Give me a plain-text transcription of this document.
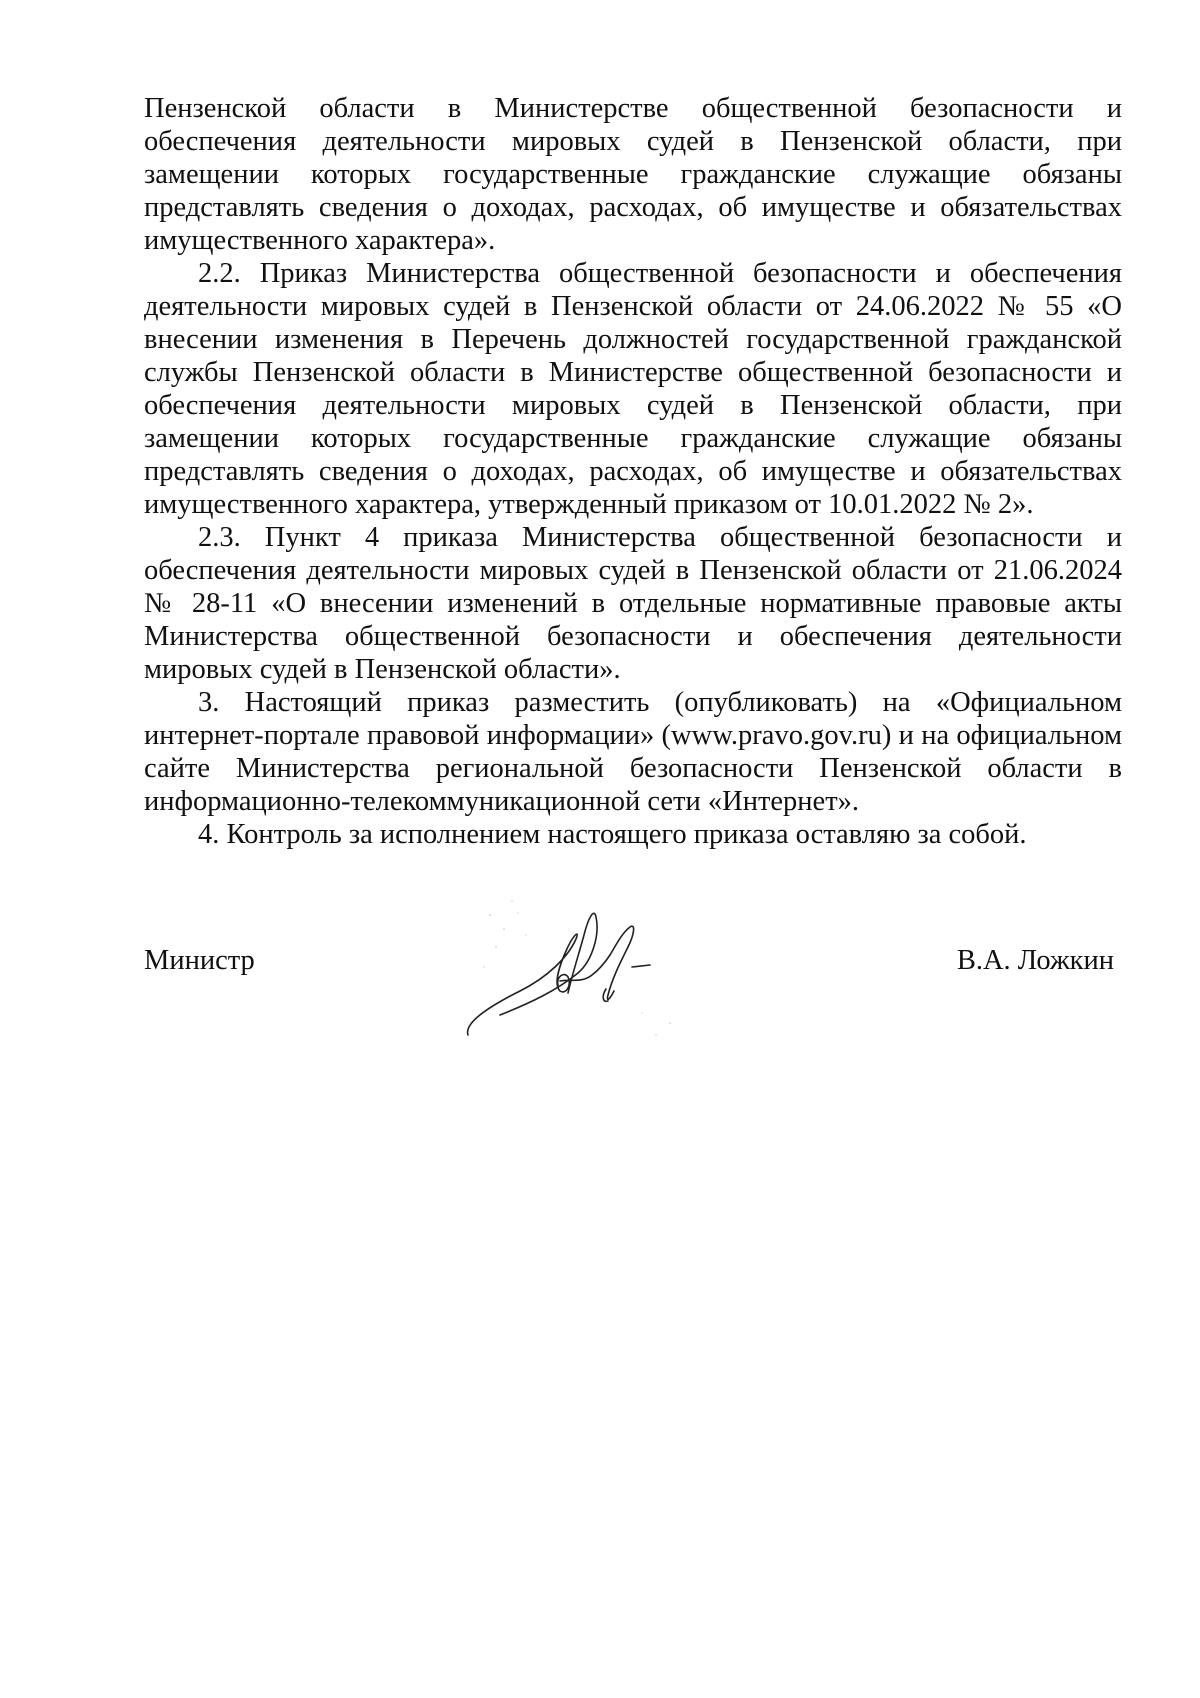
Пензенской области в Министерстве общественной безопасности и обеспечения деятельности мировых судей в Пензенской области, при замещении которых государственные гражданские служащие обязаны представлять сведения о доходах, расходах, об имуществе и обязательствах имущественного характера».

2.2. Приказ Министерства общественной безопасности и обеспечения деятельности мировых судей в Пензенской области от 24.06.2022 № 55 «О внесении изменения в Перечень должностей государственной гражданской службы Пензенской области в Министерстве общественной безопасности и обеспечения деятельности мировых судей в Пензенской области, при замещении которых государственные гражданские служащие обязаны представлять сведения о доходах, расходах, об имуществе и обязательствах имущественного характера, утвержденный приказом от 10.01.2022 № 2».

2.3. Пункт 4 приказа Министерства общественной безопасности и обеспечения деятельности мировых судей в Пензенской области от 21.06.2024 № 28-11 «О внесении изменений в отдельные нормативные правовые акты Министерства общественной безопасности и обеспечения деятельности мировых судей в Пензенской области».

3. Настоящий приказ разместить (опубликовать) на «Официальном интернет-портале правовой информации» (www.pravo.gov.ru) и на официальном сайте Министерства региональной безопасности Пензенской области в информационно-телекоммуникационной сети «Интернет».

4. Контроль за исполнением настоящего приказа оставляю за собой.

Министр	В.А. Ложкин
